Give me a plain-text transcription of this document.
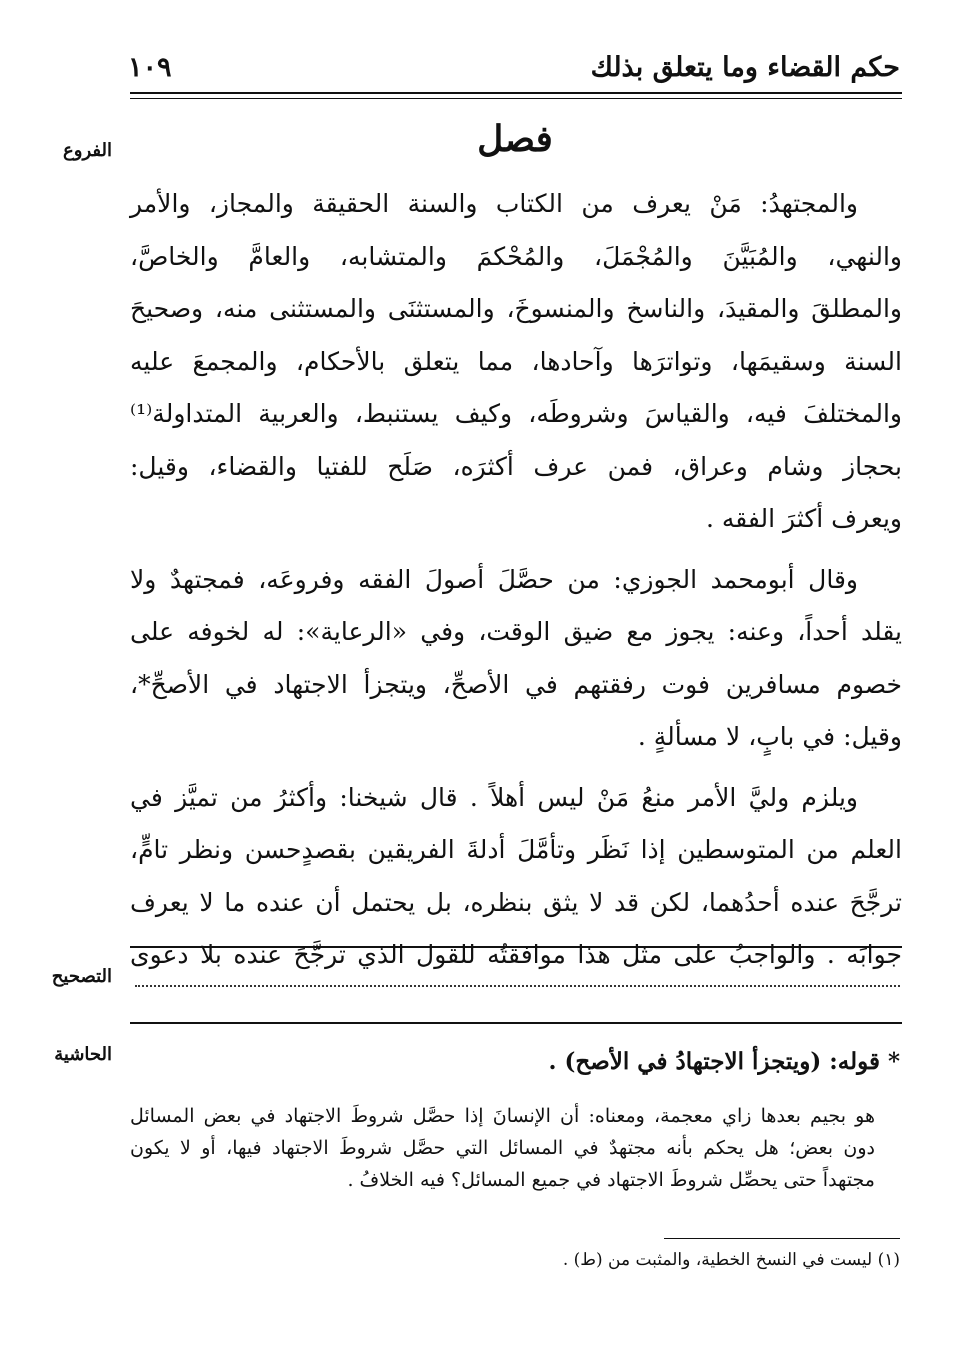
حكم القضاء وما يتعلق بذلك
١٠٩
الفروع	فصل
والمجتهدُ: مَنْ يعرف من الكتاب والسنة الحقيقة والمجاز، والأمر
والنهي، والمُبَيَّنَ والمُجْمَلَ، والمُحْكمَ والمتشابه، والعامَّ والخاصَّ،
والمطلقَ والمقيدَ، والناسخ والمنسوخَ، والمستثنَى والمستثنى منه، وصحيحَ
السنة وسقيمَها، وتواترَها وآحادها، مما يتعلق بالأحكام، والمجمعَ عليه
والمختلفَ فيه، والقياسَ وشروطَه، وكيف يستنبط، والعربية المتداولة⁽¹⁾
بحجاز وشام وعراق، فمن عرف أكثرَه، صَلَح للفتيا والقضاء، وقيل:
ويعرف أكثرَ الفقه .
وقال أبومحمد الجوزي: من حصَّلَ أصولَ الفقه وفروعَه، فمجتهدٌ ولا
يقلد أحداً، وعنه: يجوز مع ضيق الوقت، وفي «الرعاية»: له لخوفه على
خصوم مسافرين فوت رفقتهم في الأصحِّ، ويتجزأ الاجتهاد في الأصحِّ*،
وقيل: في بابٍ، لا مسألةٍ .
ويلزم وليَّ الأمر منعُ مَنْ ليس أهلاً . قال شيخنا: وأكثرُ من تميَّز في
العلم من المتوسطين إذا نَظَر وتأمَّلَ أدلةَ الفريقين بقصدٍحسن ونظر تامٍّ،
ترجَّحَ عنده أحدُهما، لكن قد لا يثق بنظره، بل يحتمل أن عنده ما لا يعرف
جوابَه . والواجبُ على مثل هذا موافقتُه للقول الذي ترجَّحَ عنده بلا دعوى
التصحيح
الحاشية	* قوله: (ويتجزأ الاجتهادُ في الأصح) .
هو بجيم بعدها زاي معجمة، ومعناه: أن الإنسانَ إذا حصَّل شروطَ الاجتهاد في بعض المسائل
دون بعض؛ هل يحكم بأنه مجتهدٌ في المسائل التي حصَّل شروطَ الاجتهاد فيها، أو لا يكون
مجتهداً حتى يحصِّل شروطَ الاجتهاد في جميع المسائل؟ فيه الخلافُ .
(١) ليست في النسخ الخطية، والمثبت من (ط) .
